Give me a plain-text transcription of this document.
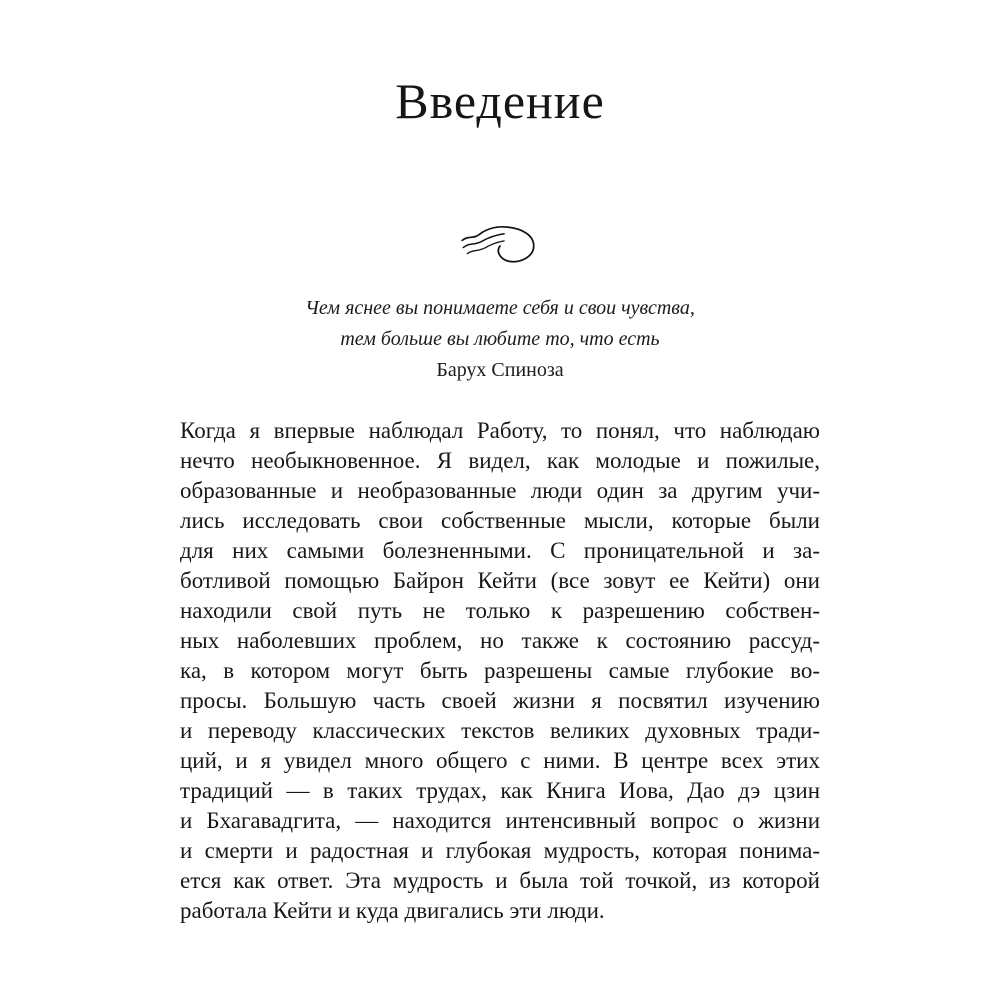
Введение
Чем яснее вы понимаете себя и свои чувства,
тем больше вы любите то, что есть
Барух Спиноза
Когда я впервые наблюдал Работу, то понял, что наблюдаю
нечто необыкновенное. Я видел, как молодые и пожилые,
образованные и необразованные люди один за другим учи-
лись исследовать свои собственные мысли, которые были
для них самыми болезненными. С проницательной и за-
ботливой помощью Байрон Кейти (все зовут ее Кейти) они
находили свой путь не только к разрешению собствен-
ных наболевших проблем, но также к состоянию рассуд-
ка, в котором могут быть разрешены самые глубокие во-
просы. Большую часть своей жизни я посвятил изучению
и переводу классических текстов великих духовных тради-
ций, и я увидел много общего с ними. В центре всех этих
традиций — в таких трудах, как Книга Иова, Дао дэ цзин
и Бхагавадгита, — находится интенсивный вопрос о жизни
и смерти и радостная и глубокая мудрость, которая понима-
ется как ответ. Эта мудрость и была той точкой, из которой
работала Кейти и куда двигались эти люди.
